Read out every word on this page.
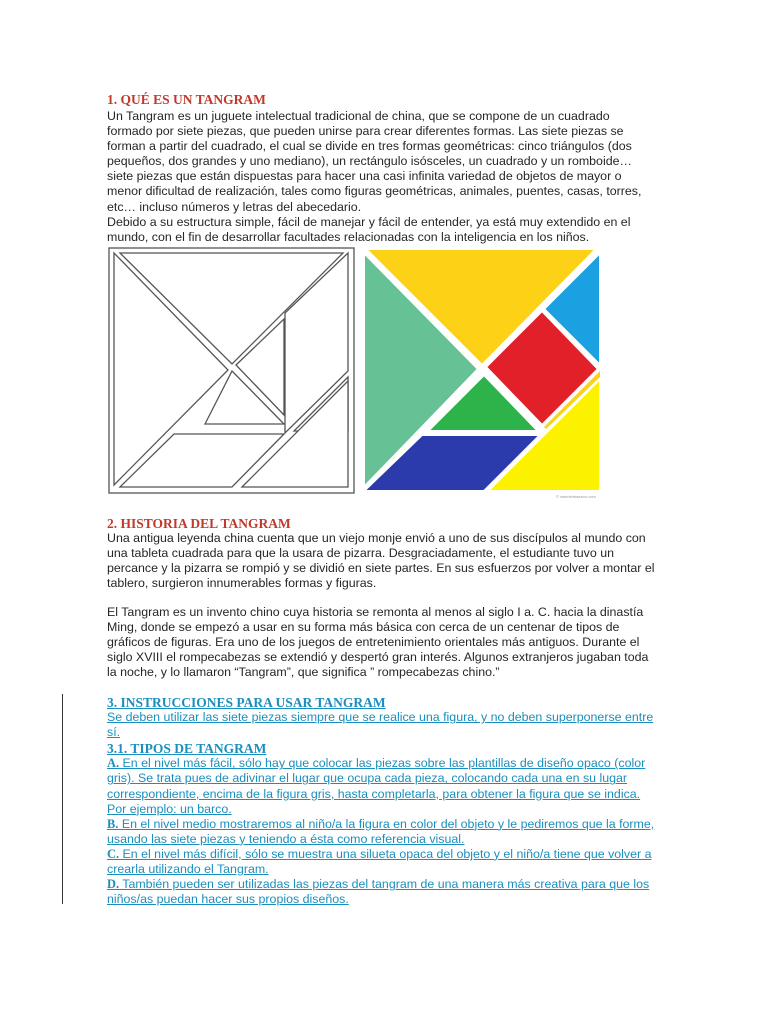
1. QUÉ ES UN TANGRAM
Un Tangram es un juguete intelectual tradicional de china, que se compone de un cuadrado
formado por siete piezas, que pueden unirse para crear diferentes formas. Las siete piezas se
forman a partir del cuadrado, el cual se divide en tres formas geométricas: cinco triángulos (dos
pequeños, dos grandes y uno mediano), un rectángulo isósceles, un cuadrado y un romboide…
siete piezas que están dispuestas para hacer una casi infinita variedad de objetos de mayor o
menor dificultad de realización, tales como figuras geométricas, animales, puentes, casas, torres,
etc… incluso números y letras del abecedario.
Debido a su estructura simple, fácil de manejar y fácil de entender, ya está muy extendido en el
mundo, con el fin de desarrollar facultades relacionadas con la inteligencia en los niños.
© webdelmaestro.com
2. HISTORIA DEL TANGRAM
Una antigua leyenda china cuenta que un viejo monje envió a uno de sus discípulos al mundo con
una tableta cuadrada para que la usara de pizarra. Desgraciadamente, el estudiante tuvo un
percance y la pizarra se rompió y se dividió en siete partes. En sus esfuerzos por volver a montar el
tablero, surgieron innumerables formas y figuras.
El Tangram es un invento chino cuya historia se remonta al menos al siglo I a. C. hacia la dinastía
Ming, donde se empezó a usar en su forma más básica con cerca de un centenar de tipos de
gráficos de figuras. Era uno de los juegos de entretenimiento orientales más antiguos. Durante el
siglo XVIII el rompecabezas se extendió y despertó gran interés. Algunos extranjeros jugaban toda
la noche, y lo llamaron “Tangram”, que significa ” rompecabezas chino.”
3. INSTRUCCIONES PARA USAR TANGRAM
Se deben utilizar las siete piezas siempre que se realice una figura, y no deben superponerse entre
sí.
3.1. TIPOS DE TANGRAM
A. En el nivel más fácil, sólo hay que colocar las piezas sobre las plantillas de diseño opaco (color
gris). Se trata pues de adivinar el lugar que ocupa cada pieza, colocando cada una en su lugar
correspondiente, encima de la figura gris, hasta completarla, para obtener la figura que se indica.
Por ejemplo: un barco.
B. En el nivel medio mostraremos al niño/a la figura en color del objeto y le pediremos que la forme,
usando las siete piezas y teniendo a ésta como referencia visual.
C. En el nivel más difícil, sólo se muestra una silueta opaca del objeto y el niño/a tiene que volver a
crearla utilizando el Tangram.
D. También pueden ser utilizadas las piezas del tangram de una manera más creativa para que los
niños/as puedan hacer sus propios diseños.
